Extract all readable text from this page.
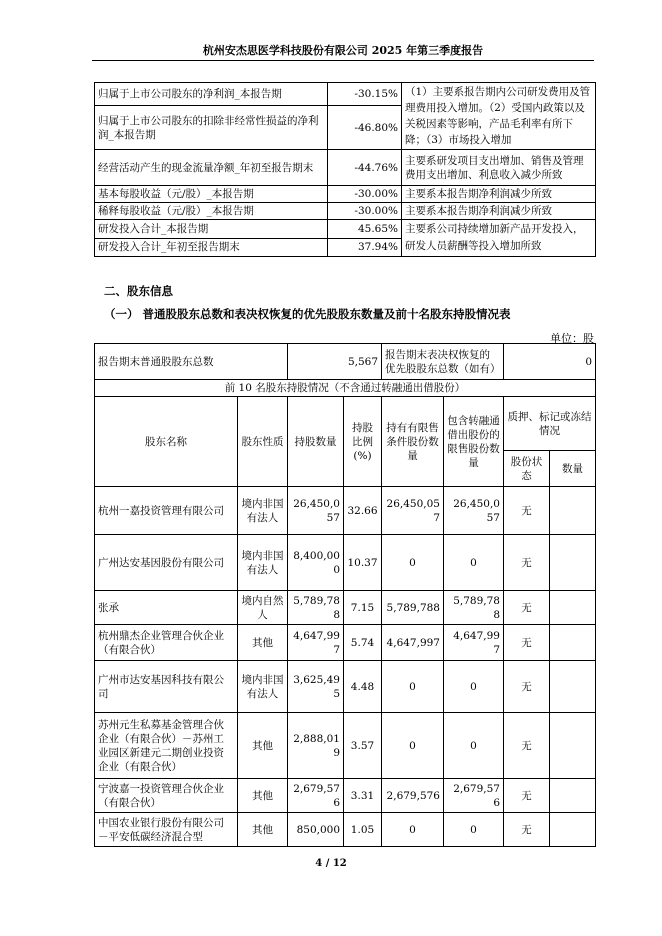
杭州安杰思医学科技股份有限公司 2025 年第三季度报告
归属于上市公司股东的净利润_本报告期	-30.15%	（1）主要系报告期内公司研发费用及管理费用投入增加。（2）受国内政策以及关税因素等影响，产品毛利率有所下降；（3）市场投入增加
归属于上市公司股东的扣除非经常性损益的净利润_本报告期	-46.80%	
经营活动产生的现金流量净额_年初至报告期末	-44.76%	主要系研发项目支出增加、销售及管理费用支出增加、利息收入减少所致
基本每股收益（元/股）_本报告期	-30.00%	主要系本报告期净利润减少所致
稀释每股收益（元/股）_本报告期	-30.00%	主要系本报告期净利润减少所致
研发投入合计_本报告期	45.65%	主要系公司持续增加新产品开发投入，研发人员薪酬等投入增加所致
研发投入合计_年初至报告期末	37.94%	
二、股东信息
（一） 普通股股东总数和表决权恢复的优先股股东数量及前十名股东持股情况表
单位：股
报告期末普通股股东总数		5,567		报告期末表决权恢复的优先股股东总数（如有）		0	
前 10 名股东持股情况（不含通过转融通出借股份）							
股东名称	股东性质	持股数量	持股比例(%)	持有有限售条件股份数量	包含转融通借出股份的限售股份数量	质押、标记或冻结情况	
						股份状态	数量
杭州一嘉投资管理有限公司	境内非国有法人	26,450,057	32.66	26,450,057	26,450,057	无	
广州达安基因股份有限公司	境内非国有法人	8,400,000	10.37	0	0	无	
张承	境内自然人	5,789,788	7.15	5,789,788	5,789,788	无	
杭州鼎杰企业管理合伙企业（有限合伙）	其他	4,647,997	5.74	4,647,997	4,647,997	无	
广州市达安基因科技有限公司	境内非国有法人	3,625,495	4.48	0	0	无	
苏州元生私募基金管理合伙企业（有限合伙）－苏州工业园区新建元二期创业投资企业（有限合伙）	其他	2,888,019	3.57	0	0	无	
宁波嘉一投资管理合伙企业（有限合伙）	其他	2,679,576	3.31	2,679,576	2,679,576	无	
中国农业银行股份有限公司－平安低碳经济混合型	其他	850,000	1.05	0	0	无	
4 / 12
